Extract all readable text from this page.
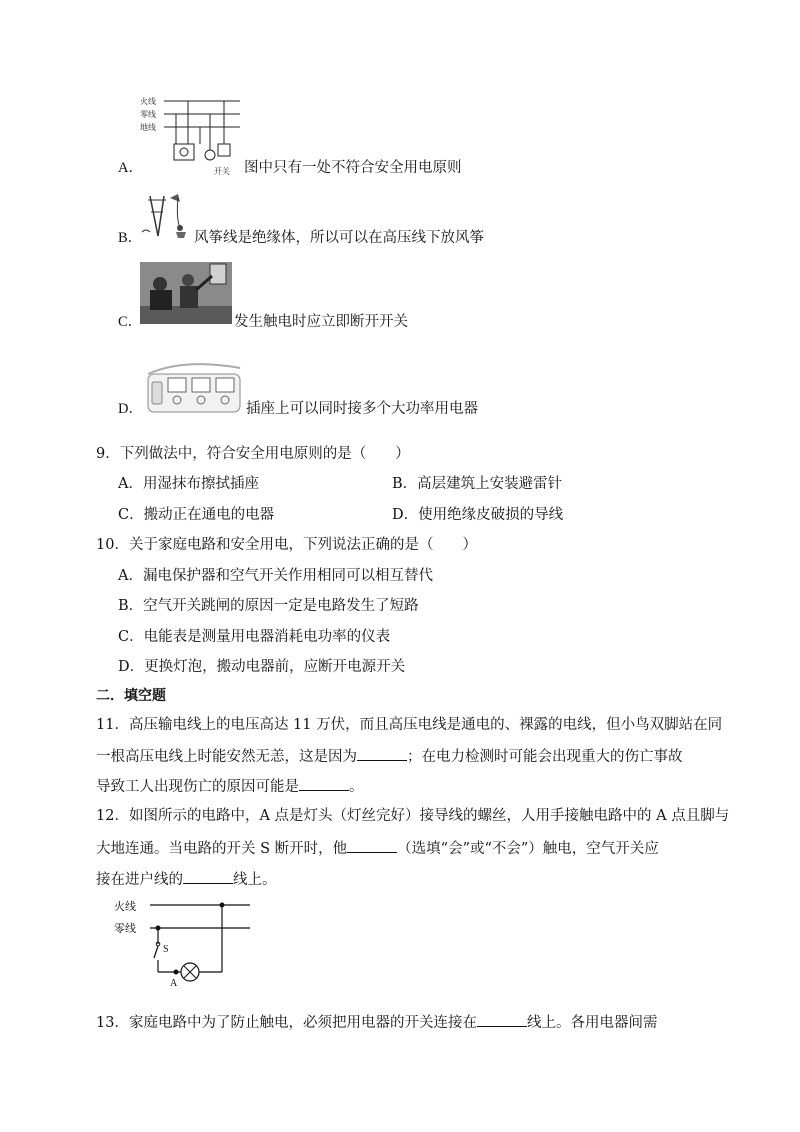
火线
零线
地线
开关
A．	图中只有一处不符合安全用电原则
B．	风筝线是绝缘体，所以可以在高压线下放风筝
C．	发生触电时应立即断开开关
D．	插座上可以同时接多个大功率用电器
9．下列做法中，符合安全用电原则的是（　　）
A．用湿抹布擦拭插座	B．高层建筑上安装避雷针
C．搬动正在通电的电器	D．使用绝缘皮破损的导线
10．关于家庭电路和安全用电，下列说法正确的是（　　）
A．漏电保护器和空气开关作用相同可以相互替代
B．空气开关跳闸的原因一定是电路发生了短路
C．电能表是测量用电器消耗电功率的仪表
D．更换灯泡，搬动电器前，应断开电源开关
二．填空题
11．高压输电线上的电压高达 11 万伏，而且高压电线是通电的、裸露的电线，但小鸟双脚站在同
一根高压电线上时能安然无恙，这是因为	；在电力检测时可能会出现重大的伤亡事故
导致工人出现伤亡的原因可能是	。
12．如图所示的电路中，A 点是灯头（灯丝完好）接导线的螺丝，人用手接触电路中的 A 点且脚与
大地连通。当电路的开关 S 断开时，他	（选填“会”或“不会”）触电，空气开关应
接在进户线的	线上。
火线
零线
S
A
13．家庭电路中为了防止触电，必须把用电器的开关连接在	线上。各用电器间需
